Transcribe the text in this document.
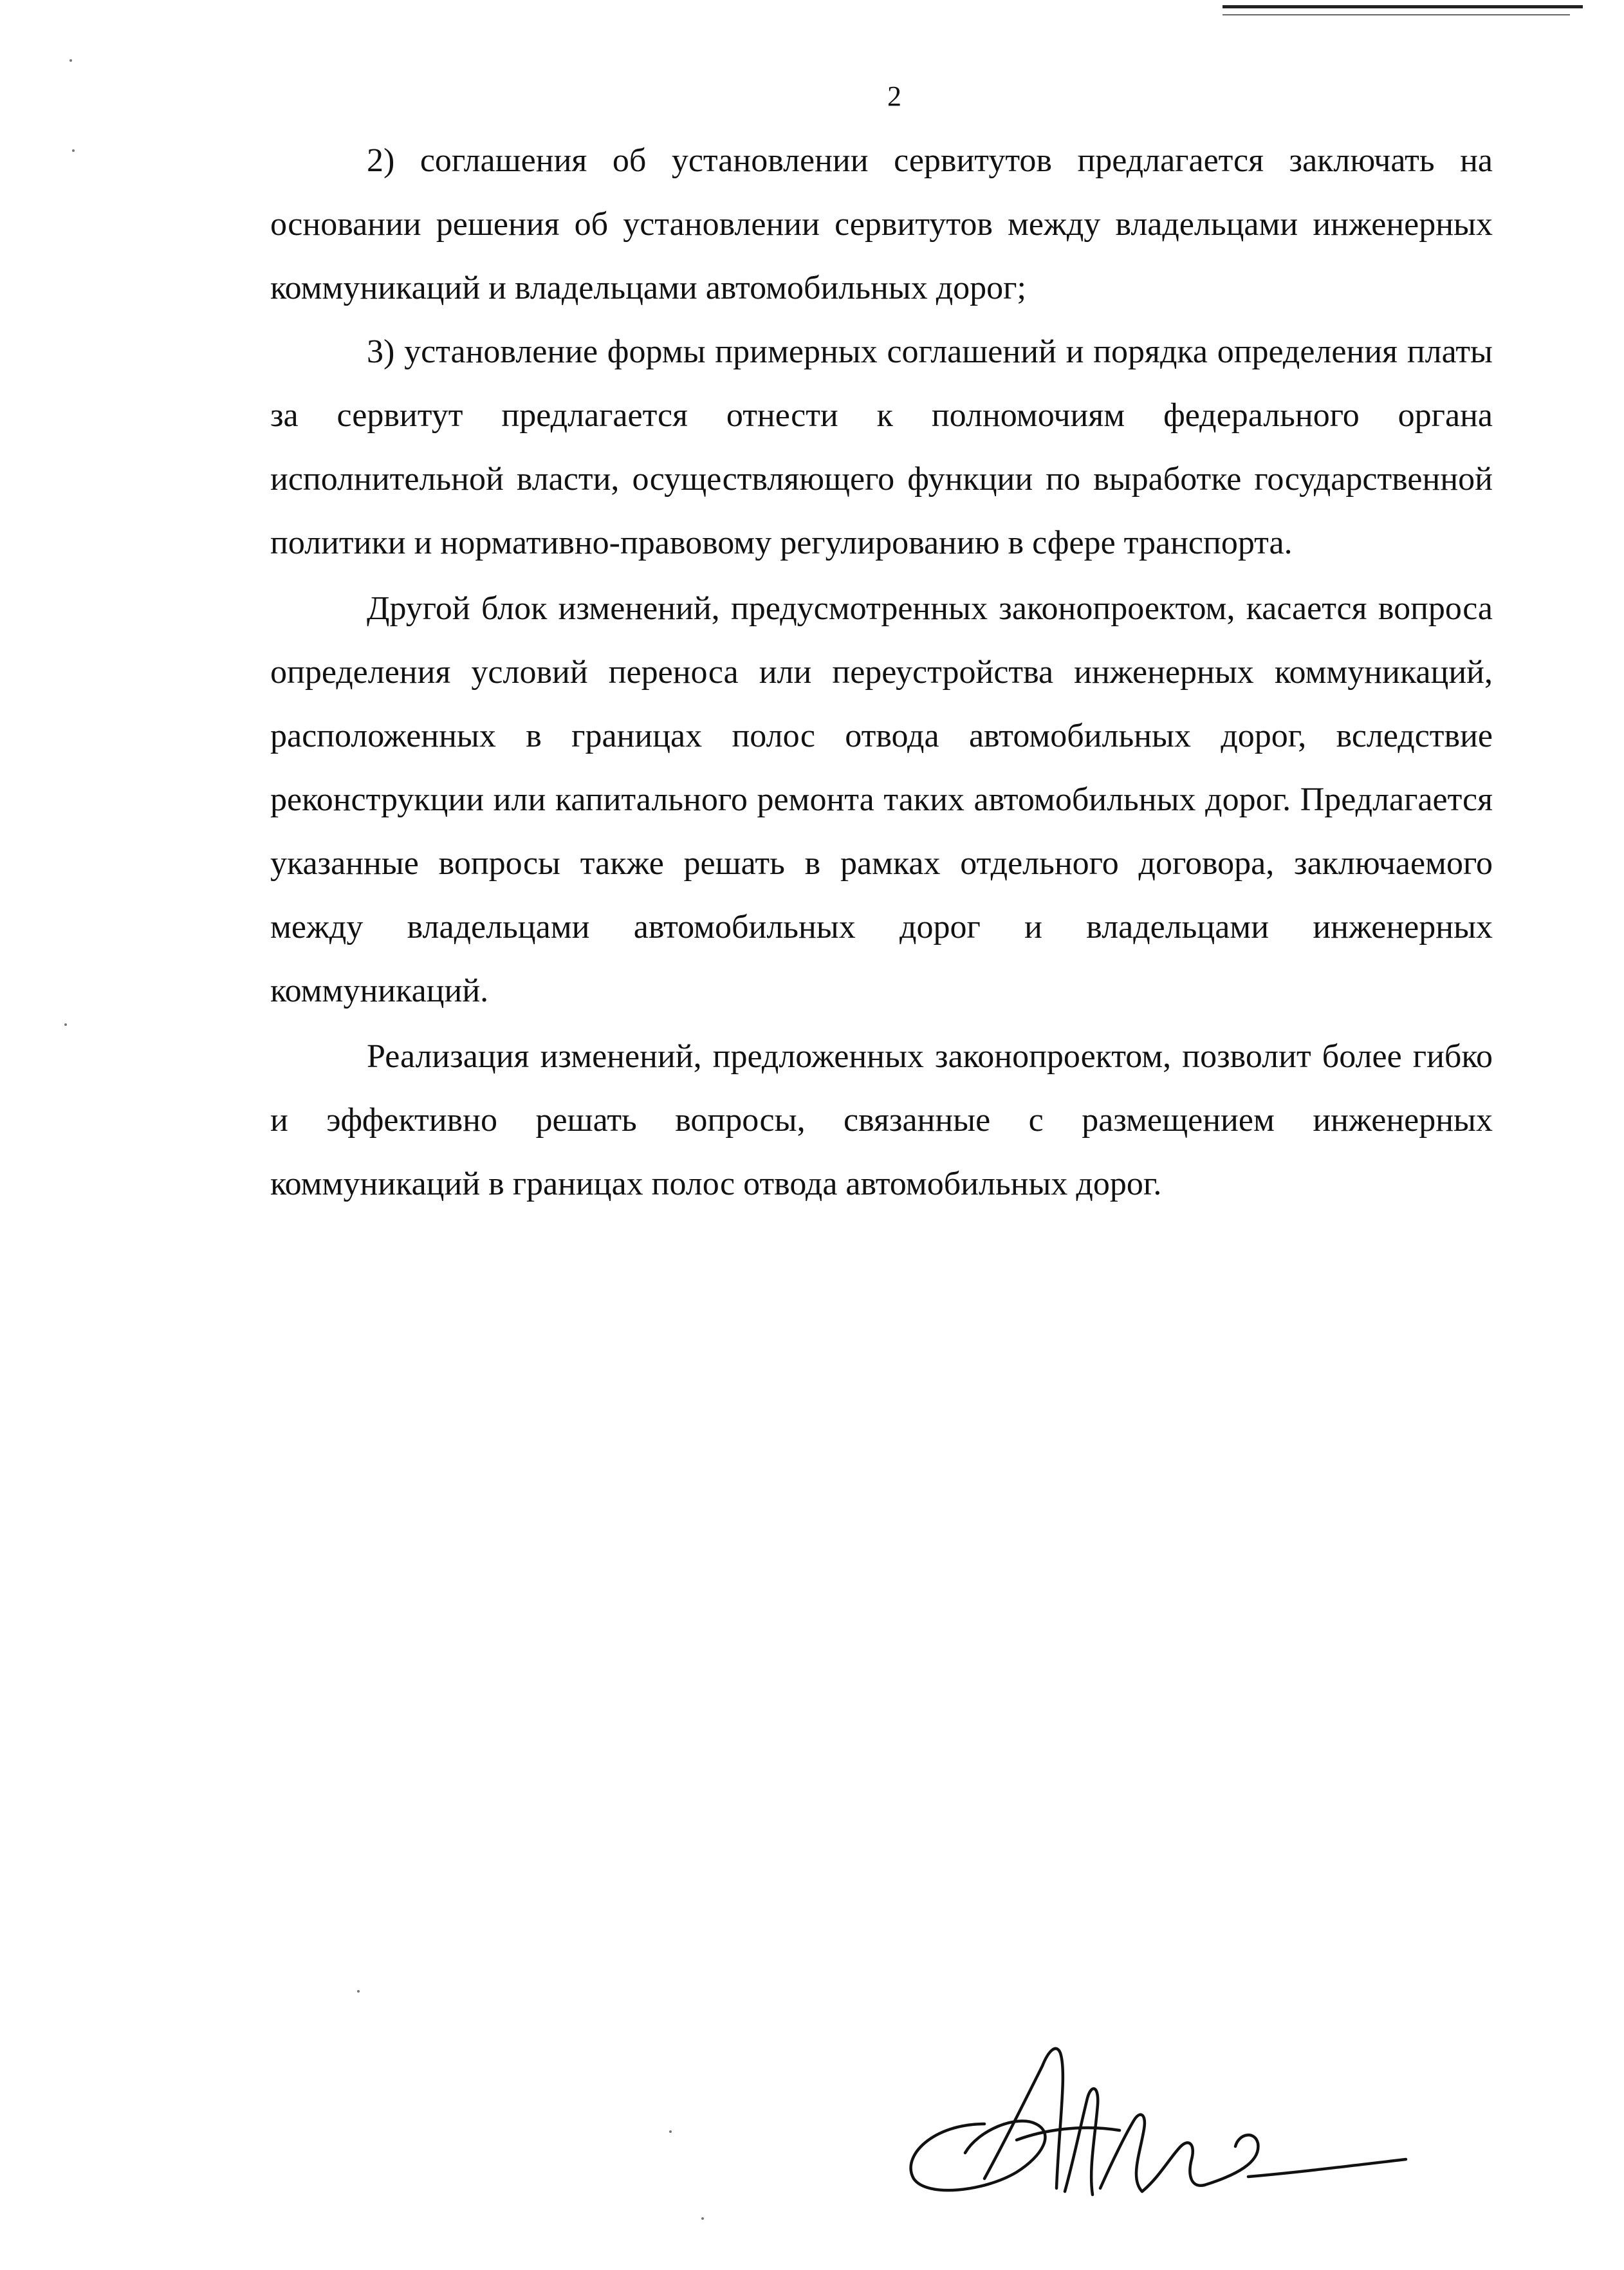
2

2) соглашения об установлении сервитутов предлагается заключать на основании решения об установлении сервитутов между владельцами инженерных коммуникаций и владельцами автомобильных дорог;

3) установление формы примерных соглашений и порядка определения платы за сервитут предлагается отнести к полномочиям федерального органа исполнительной власти, осуществляющего функции по выработке государственной политики и нормативно-правовому регулированию в сфере транспорта.

Другой блок изменений, предусмотренных законопроектом, касается вопроса определения условий переноса или переустройства инженерных коммуникаций, расположенных в границах полос отвода автомобильных дорог, вследствие реконструкции или капитального ремонта таких автомобильных дорог. Предлагается указанные вопросы также решать в рамках отдельного договора, заключаемого между владельцами автомобильных дорог и владельцами инженерных коммуникаций.

Реализация изменений, предложенных законопроектом, позволит более гибко и эффективно решать вопросы, связанные с размещением инженерных коммуникаций в границах полос отвода автомобильных дорог.
